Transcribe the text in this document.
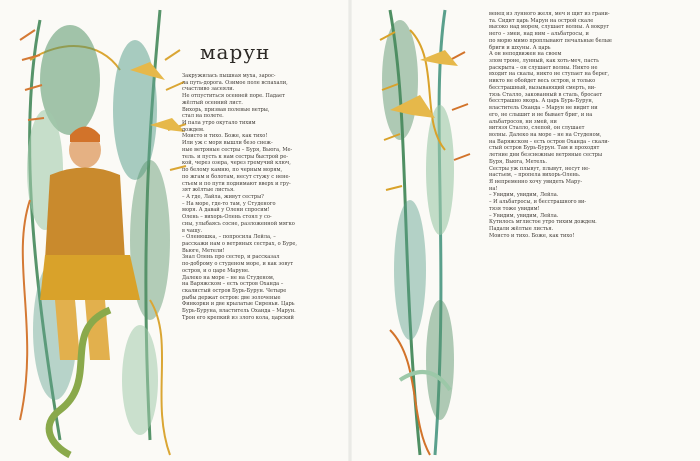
марун

Закружилась пышная муха, зарос-

ла путь-дорога. Озимое поле вспахали,

счастливо засеяли.

Не отпуститься осенней поре. Падает

жёлтый осенний лист.

Вихорь, призвав полевые ветры,

стал на полете.

И пала утро окутало тихим

дождем.

Моисто и тихо. Боже, как тихо!

Или уж с моря вышли безо снеж-

ные ветряные сестры – Буря, Вьюга, Ме-

тель. и пусть к нам сестры быстрой ре-

кой, через озера, через гремучий ключ,

по белому камню, по черным морям,

по жгам и болотам, несут стужу с нене-

стьем и по пути поднимают вверх и гру-

зят жёлтые листья.

– А где, Лайла, живут сестры?

– На море, где-то там, у Студеного

моря. А давай у Олени спросим!

Олень – вихорь-Олень стоял у со-

сны, улыбаясь сосне, разложенной мягко

в чащу.

– Оленюшка, – попросила Лейла, –

расскажи нам о ветряных сестрах, о Буре,

Вьюге, Метели!

Знал Олень про сестер, и рассказал

по-доброму о студеном море, и как зовут

остров, и о царе Маруне.

Далеко на море – не на Студеном,

на Варяжском – есть остров Оханда –

скалистый остров Бурь-Бурун. Четыре

рыбы держат остров: две золоченые

Финкорки и две крылатые Сиреньи. Царь

Бурь-Буруна, властитель Оханда – Марун.

Трон его крепкий из злого кола, царский

венец из лунного желя, меч и щит из грани-

та. Сидит царь Марун на острой скале

высоко над морем, слушает волны. А вокруг

него – змеи, над ним – альбатросы, и

по морю мимо проплывают печальные белые

бриги и шхуны. А царь

А он неподвижен на своем

злом троне, лунный, как хоть-меч, пасть

раскрыта – он слушает волны. Никто не

входит на скалы, никто не ступает на берег,

никто не обойдет весь остров, и только

бесстрашный, вызывающий смерть, ви-

тязь Сталло, закованный в сталь, бросает

бесстрашно якорь. А царь Бурь-Бурун,

властитель Оханда – Марун не видит ни

его, не слышит и не бывает бриг, и на

альбатросов, ни змей, ни

витязя Сталло, слепой, он слушает

волны. Далеко на море – не на Студеном,

на Варяжском – есть остров Оханда – скали-

стый остров Бурь-Бурун. Там и проходят

летние дни безснежные ветряные сестры

Буря, Вьюга, Метель.

Сестры уж плывут, плывут, несут не-

настьем, – пропела вихорь-Олень.

Я непременно хочу увидеть Мару-

на!

– Увидим, увидим, Лейла.

– И альбатросы, и бесстрашного ви-

тязя тоже увидим!

– Увидим, увидим, Лейла.

Кутилось мглистое утро тихим дождем.

Падали жёлтые листья.

Моисто и тихо. Боже, как тихо!
